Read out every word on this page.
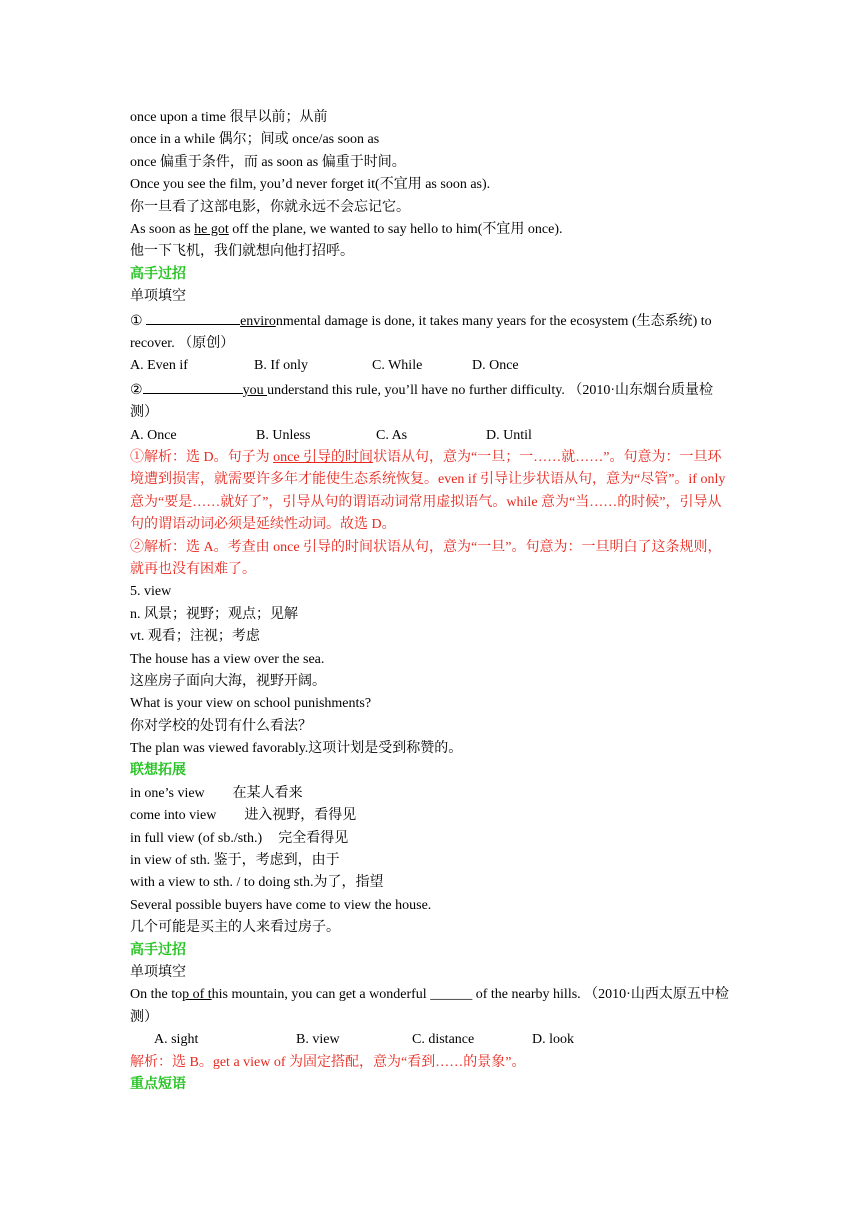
once upon a time 很早以前；从前
once in a while 偶尔；间或 once/as soon as
once 偏重于条件，而 as soon as 偏重于时间。
Once you see the film, you’d never forget it(不宜用 as soon as).
你一旦看了这部电影，你就永远不会忘记它。
As soon as he got off the plane, we wanted to say hello to him(不宜用 once).
他一下飞机，我们就想向他打招呼。
高手过招
单项填空
①	environmental damage is done, it takes many years for the ecosystem (生态系统) to recover. （原创）
A. Even if	B. If only	C. While	D. Once
②	you understand this rule, you’ll have no further difficulty. （2010·山东烟台质量检测）
A. Once	B. Unless	C. As	D. Until
①解析：选 D。句子为 once 引导的时间状语从句，意为“一旦；一……就……”。句意为：一旦环境遭到损害，就需要许多年才能使生态系统恢复。even if 引导让步状语从句，意为“尽管”。if only 意为“要是……就好了”，引导从句的谓语动词常用虚拟语气。while 意为“当……的时候”，引导从句的谓语动词必须是延续性动词。故选 D。
②解析：选 A。考查由 once 引导的时间状语从句，意为“一旦”。句意为：一旦明白了这条规则，就再也没有困难了。
5. view
n. 风景；视野；观点；见解
vt. 观看；注视；考虑
The house has a view over the sea.
这座房子面向大海，视野开阔。
What is your view on school punishments?
你对学校的处罚有什么看法？
The plan was viewed favorably.这项计划是受到称赞的。
联想拓展
in one’s view 在某人看来
come into view 进入视野，看得见
in full view (of sb./sth.) 完全看得见
in view of sth. 鉴于，考虑到，由于
with a view to sth. / to doing sth.为了，指望
Several possible buyers have come to view the house.
几个可能是买主的人来看过房子。
高手过招
单项填空
On the top of this mountain, you can get a wonderful ______ of the nearby hills. （2010·山西太原五中检测）
A. sight	B. view	C. distance	D. look
解析：选 B。get a view of 为固定搭配，意为“看到……的景象”。
重点短语
